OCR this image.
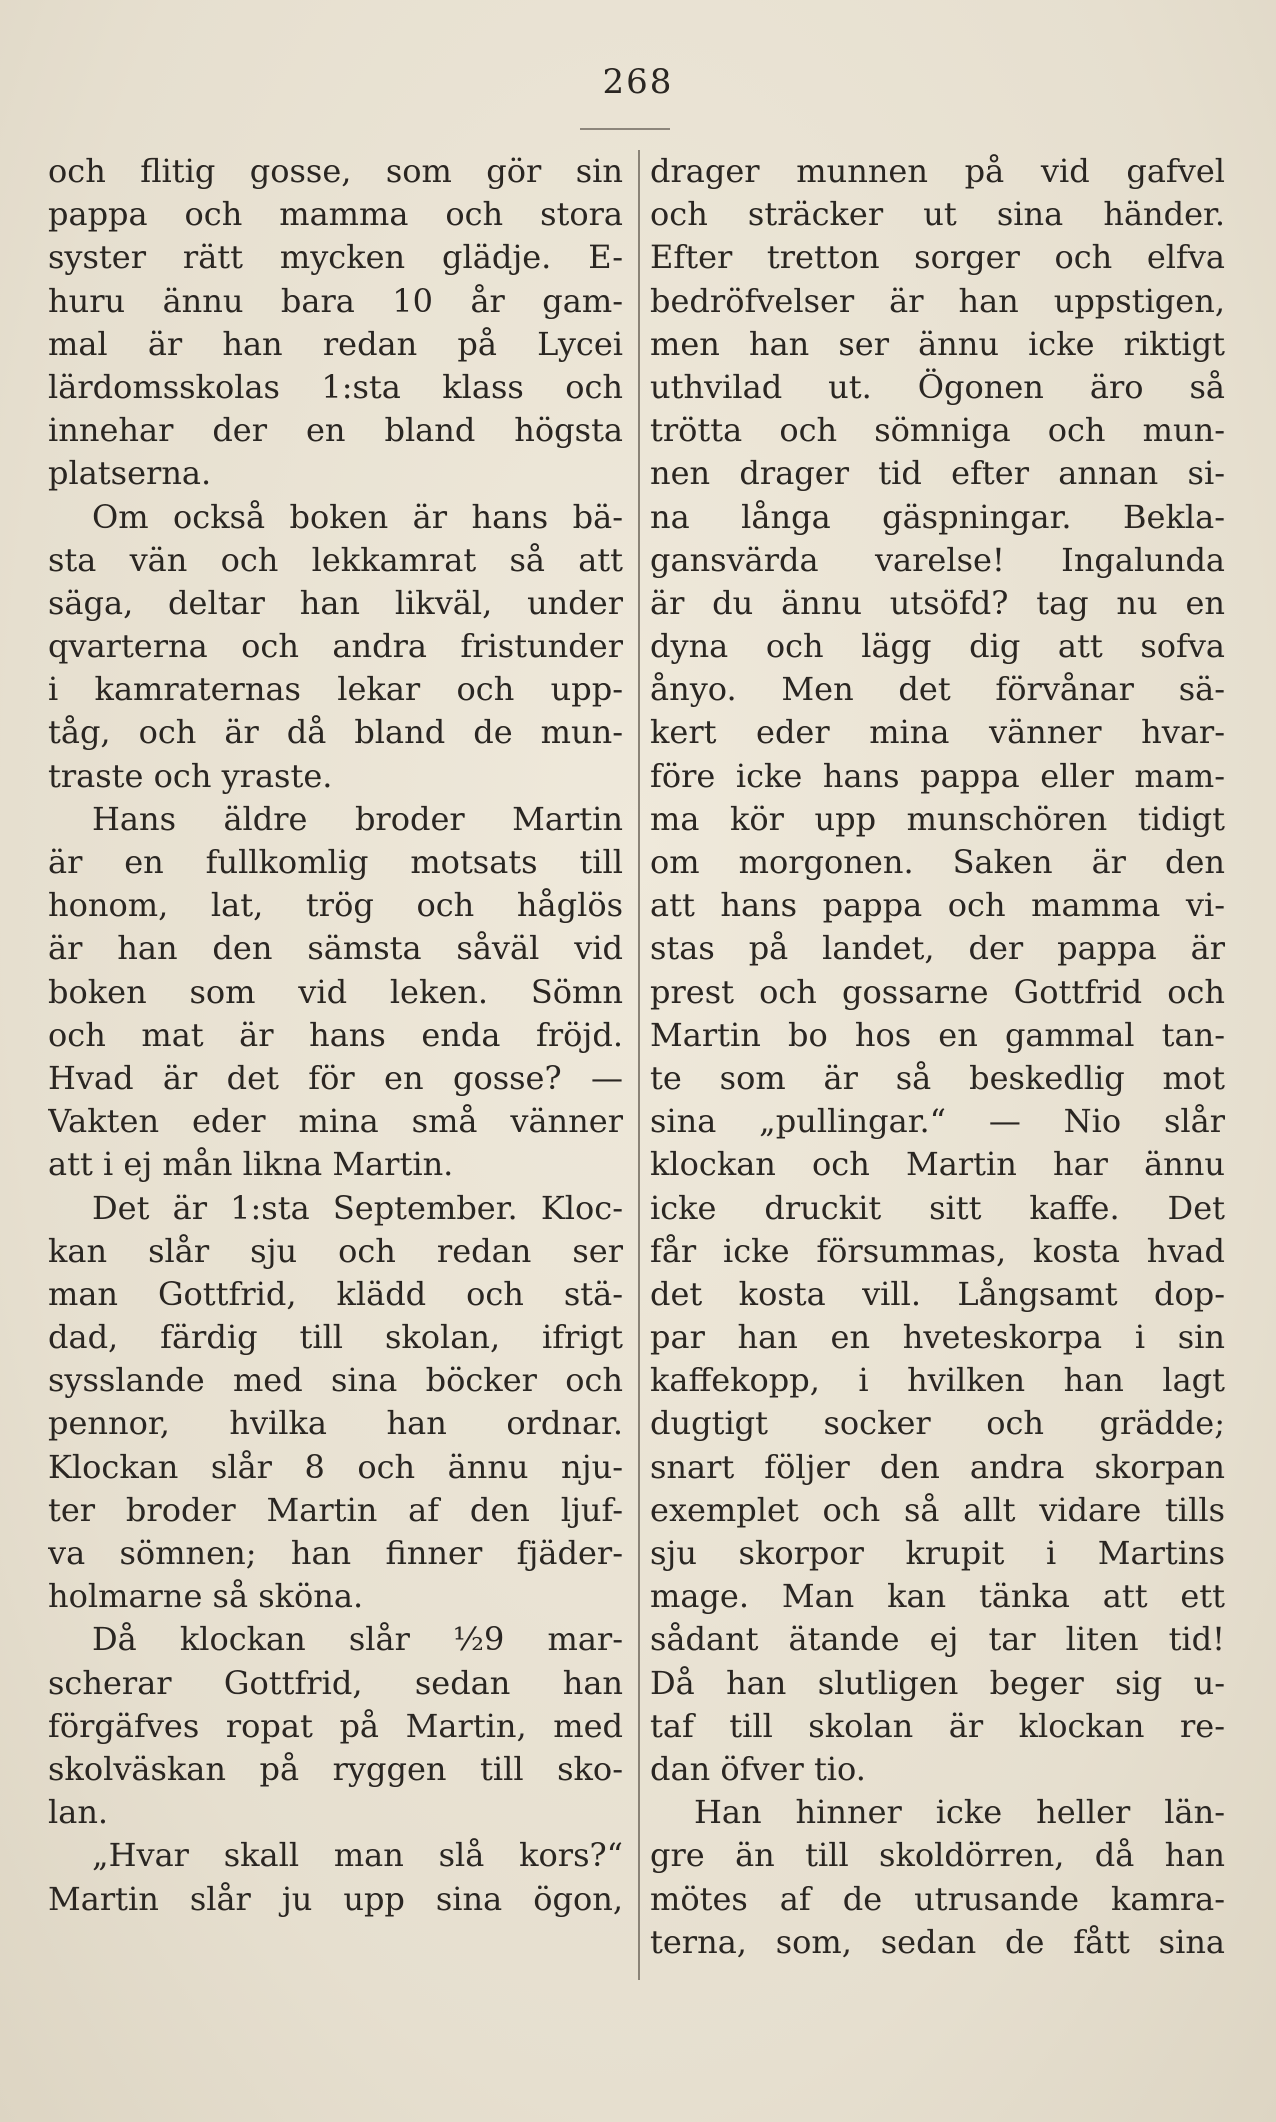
268
och flitig gosse, som gör sin
pappa och mamma och stora
syster rätt mycken glädje. E-
huru ännu bara 10 år gam-
mal är han redan på Lycei
lärdomsskolas 1:sta klass och
innehar der en bland högsta
platserna.
Om också boken är hans bä-
sta vän och lekkamrat så att
säga, deltar han likväl, under
qvarterna och andra fristunder
i kamraternas lekar och upp-
tåg, och är då bland de mun-
traste och yraste.
Hans äldre broder Martin
är en fullkomlig motsats till
honom, lat, trög och håglös
är han den sämsta såväl vid
boken som vid leken. Sömn
och mat är hans enda fröjd.
Hvad är det för en gosse? —
Vakten eder mina små vänner
att i ej mån likna Martin.
Det är 1:sta September. Kloc-
kan slår sju och redan ser
man Gottfrid, klädd och stä-
dad, färdig till skolan, ifrigt
sysslande med sina böcker och
pennor, hvilka han ordnar.
Klockan slår 8 och ännu nju-
ter broder Martin af den ljuf-
va sömnen; han finner fjäder-
holmarne så sköna.
Då klockan slår ½9 mar-
scherar Gottfrid, sedan han
förgäfves ropat på Martin, med
skolväskan på ryggen till sko-
lan.
„Hvar skall man slå kors?“
Martin slår ju upp sina ögon,
drager munnen på vid gafvel
och sträcker ut sina händer.
Efter tretton sorger och elfva
bedröfvelser är han uppstigen,
men han ser ännu icke riktigt
uthvilad ut. Ögonen äro så
trötta och sömniga och mun-
nen drager tid efter annan si-
na långa gäspningar. Bekla-
gansvärda varelse! Ingalunda
är du ännu utsöfd? tag nu en
dyna och lägg dig att sofva
ånyo. Men det förvånar sä-
kert eder mina vänner hvar-
före icke hans pappa eller mam-
ma kör upp munschören tidigt
om morgonen. Saken är den
att hans pappa och mamma vi-
stas på landet, der pappa är
prest och gossarne Gottfrid och
Martin bo hos en gammal tan-
te som är så beskedlig mot
sina „pullingar.“ — Nio slår
klockan och Martin har ännu
icke druckit sitt kaffe. Det
får icke försummas, kosta hvad
det kosta vill. Långsamt dop-
par han en hveteskorpa i sin
kaffekopp, i hvilken han lagt
dugtigt socker och grädde;
snart följer den andra skorpan
exemplet och så allt vidare tills
sju skorpor krupit i Martins
mage. Man kan tänka att ett
sådant ätande ej tar liten tid!
Då han slutligen beger sig u-
taf till skolan är klockan re-
dan öfver tio.
Han hinner icke heller län-
gre än till skoldörren, då han
mötes af de utrusande kamra-
terna, som, sedan de fått sina
